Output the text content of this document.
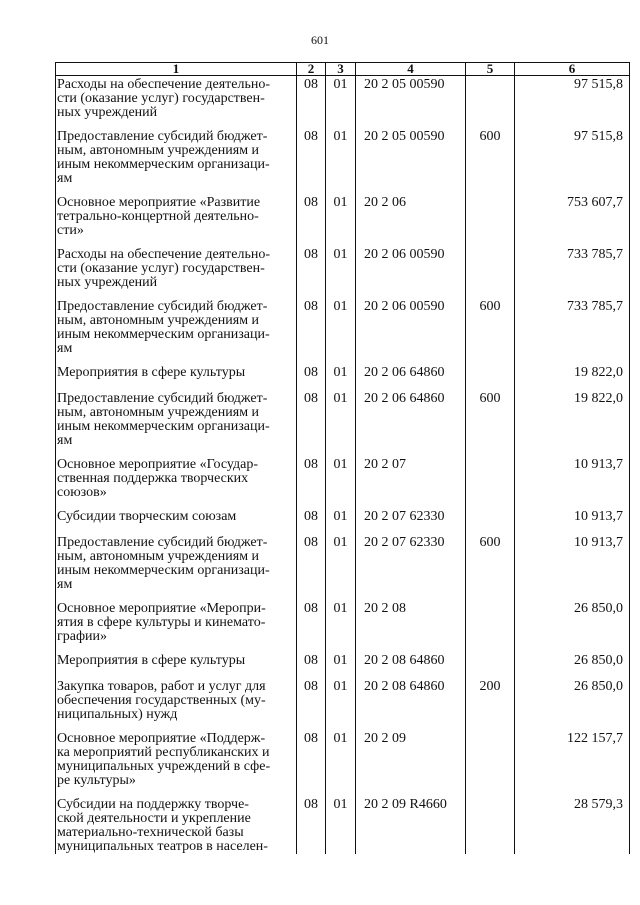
601
1	2	3	4	5	6

Расходы на обеспечение деятельно-
сти (оказание услуг) государствен-
ных учреждений	08	01	20 2 05 00590		97 515,8

Предоставление субсидий бюджет-
ным, автономным учреждениям и
иным некоммерческим организаци-
ям	08	01	20 2 05 00590	600	97 515,8

Основное мероприятие «Развитие
тетрально-концертной деятельно-
сти»	08	01	20 2 06		753 607,7

Расходы на обеспечение деятельно-
сти (оказание услуг) государствен-
ных учреждений	08	01	20 2 06 00590		733 785,7

Предоставление субсидий бюджет-
ным, автономным учреждениям и
иным некоммерческим организаци-
ям	08	01	20 2 06 00590	600	733 785,7

Мероприятия в сфере культуры	08	01	20 2 06 64860		19 822,0

Предоставление субсидий бюджет-
ным, автономным учреждениям и
иным некоммерческим организаци-
ям	08	01	20 2 06 64860	600	19 822,0

Основное мероприятие «Государ-
ственная поддержка творческих
союзов»	08	01	20 2 07		10 913,7

Субсидии творческим союзам	08	01	20 2 07 62330		10 913,7

Предоставление субсидий бюджет-
ным, автономным учреждениям и
иным некоммерческим организаци-
ям	08	01	20 2 07 62330	600	10 913,7

Основное мероприятие «Меропри-
ятия в сфере культуры и кинемато-
графии»	08	01	20 2 08		26 850,0

Мероприятия в сфере культуры	08	01	20 2 08 64860		26 850,0

Закупка товаров, работ и услуг для
обеспечения государственных (му-
ниципальных) нужд	08	01	20 2 08 64860	200	26 850,0

Основное мероприятие «Поддерж-
ка мероприятий республиканских и
муниципальных учреждений в сфе-
ре культуры»	08	01	20 2 09		122 157,7

Субсидии на поддержку творче-
ской деятельности и укрепление
материально-технической базы
муниципальных театров в населен-	08	01	20 2 09 R4660		28 579,3
